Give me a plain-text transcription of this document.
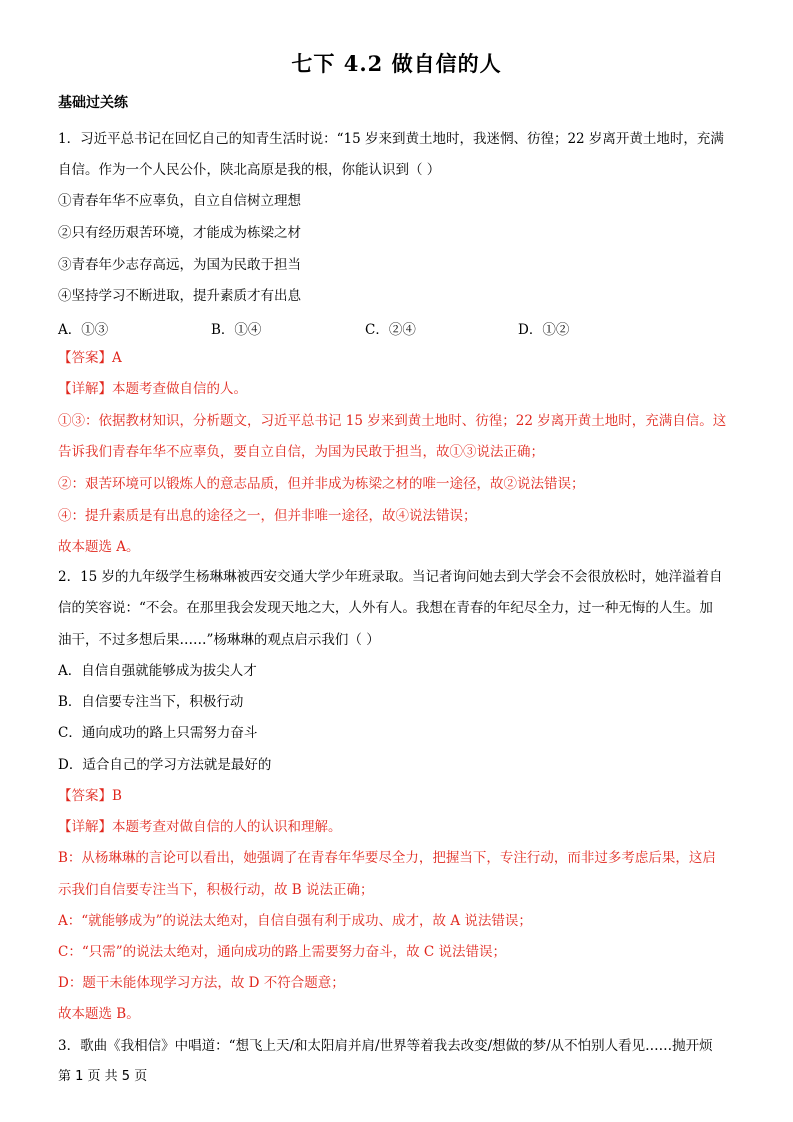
七下 4.2 做自信的人
基础过关练
1．习近平总书记在回忆自己的知青生活时说：“15 岁来到黄土地时，我迷惘、彷徨；22 岁离开黄土地时，充满
自信。作为一个人民公仆，陕北高原是我的根，你能认识到（ ）
①青春年华不应辜负，自立自信树立理想
②只有经历艰苦环境，才能成为栋梁之材
③青春年少志存高远，为国为民敢于担当
④坚持学习不断进取，提升素质才有出息
A．①③	B．①④	C．②④	D．①②
【答案】A
【详解】本题考查做自信的人。
①③：依据教材知识，分析题文，习近平总书记 15 岁来到黄土地时、彷徨；22 岁离开黄土地时，充满自信。这
告诉我们青春年华不应辜负，要自立自信，为国为民敢于担当，故①③说法正确；
②：艰苦环境可以锻炼人的意志品质，但并非成为栋梁之材的唯一途径，故②说法错误；
④：提升素质是有出息的途径之一，但并非唯一途径，故④说法错误；
故本题选 A。
2．15 岁的九年级学生杨琳琳被西安交通大学少年班录取。当记者询问她去到大学会不会很放松时，她洋溢着自
信的笑容说：“不会。在那里我会发现天地之大，人外有人。我想在青春的年纪尽全力，过一种无悔的人生。加
油干，不过多想后果……”杨琳琳的观点启示我们（ ）
A．自信自强就能够成为拔尖人才
B．自信要专注当下，积极行动
C．通向成功的路上只需努力奋斗
D．适合自己的学习方法就是最好的
【答案】B
【详解】本题考查对做自信的人的认识和理解。
B：从杨琳琳的言论可以看出，她强调了在青春年华要尽全力，把握当下，专注行动，而非过多考虑后果，这启
示我们自信要专注当下，积极行动，故 B 说法正确；
A：“就能够成为”的说法太绝对，自信自强有利于成功、成才，故 A 说法错误；
C：“只需”的说法太绝对，通向成功的路上需要努力奋斗，故 C 说法错误；
D：题干未能体现学习方法，故 D 不符合题意；
故本题选 B。
3．歌曲《我相信》中唱道：“想飞上天/和太阳肩并肩/世界等着我去改变/想做的梦/从不怕别人看见……抛开烦
第 1 页 共 5 页
